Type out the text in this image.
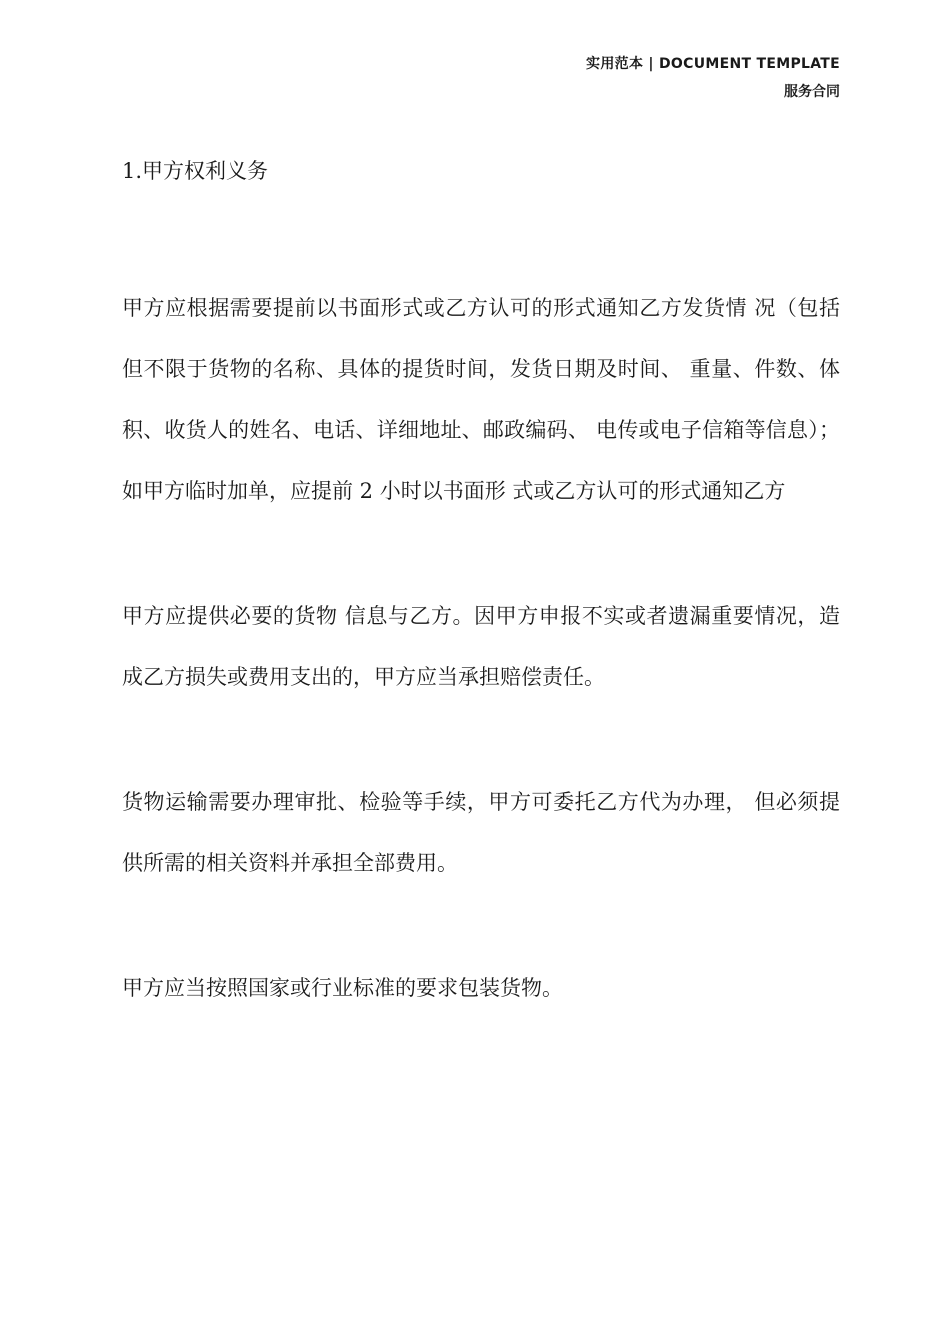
实用范本 | DOCUMENT TEMPLATE
服务合同
1.甲方权利义务

甲方应根据需要提前以书面形式或乙方认可的形式通知乙方发货情 况（包括但不限于货物的名称、具体的提货时间，发货日期及时间、 重量、件数、体积、收货人的姓名、电话、详细地址、邮政编码、 电传或电子信箱等信息）；如甲方临时加单，应提前 2 小时以书面形 式或乙方认可的形式通知乙方

甲方应提供必要的货物 信息与乙方。因甲方申报不实或者遗漏重要情况，造成乙方损失或费用支出的，甲方应当承担赔偿责任。

货物运输需要办理审批、检验等手续，甲方可委托乙方代为办理， 但必须提供所需的相关资料并承担全部费用。

甲方应当按照国家或行业标准的要求包装货物。
